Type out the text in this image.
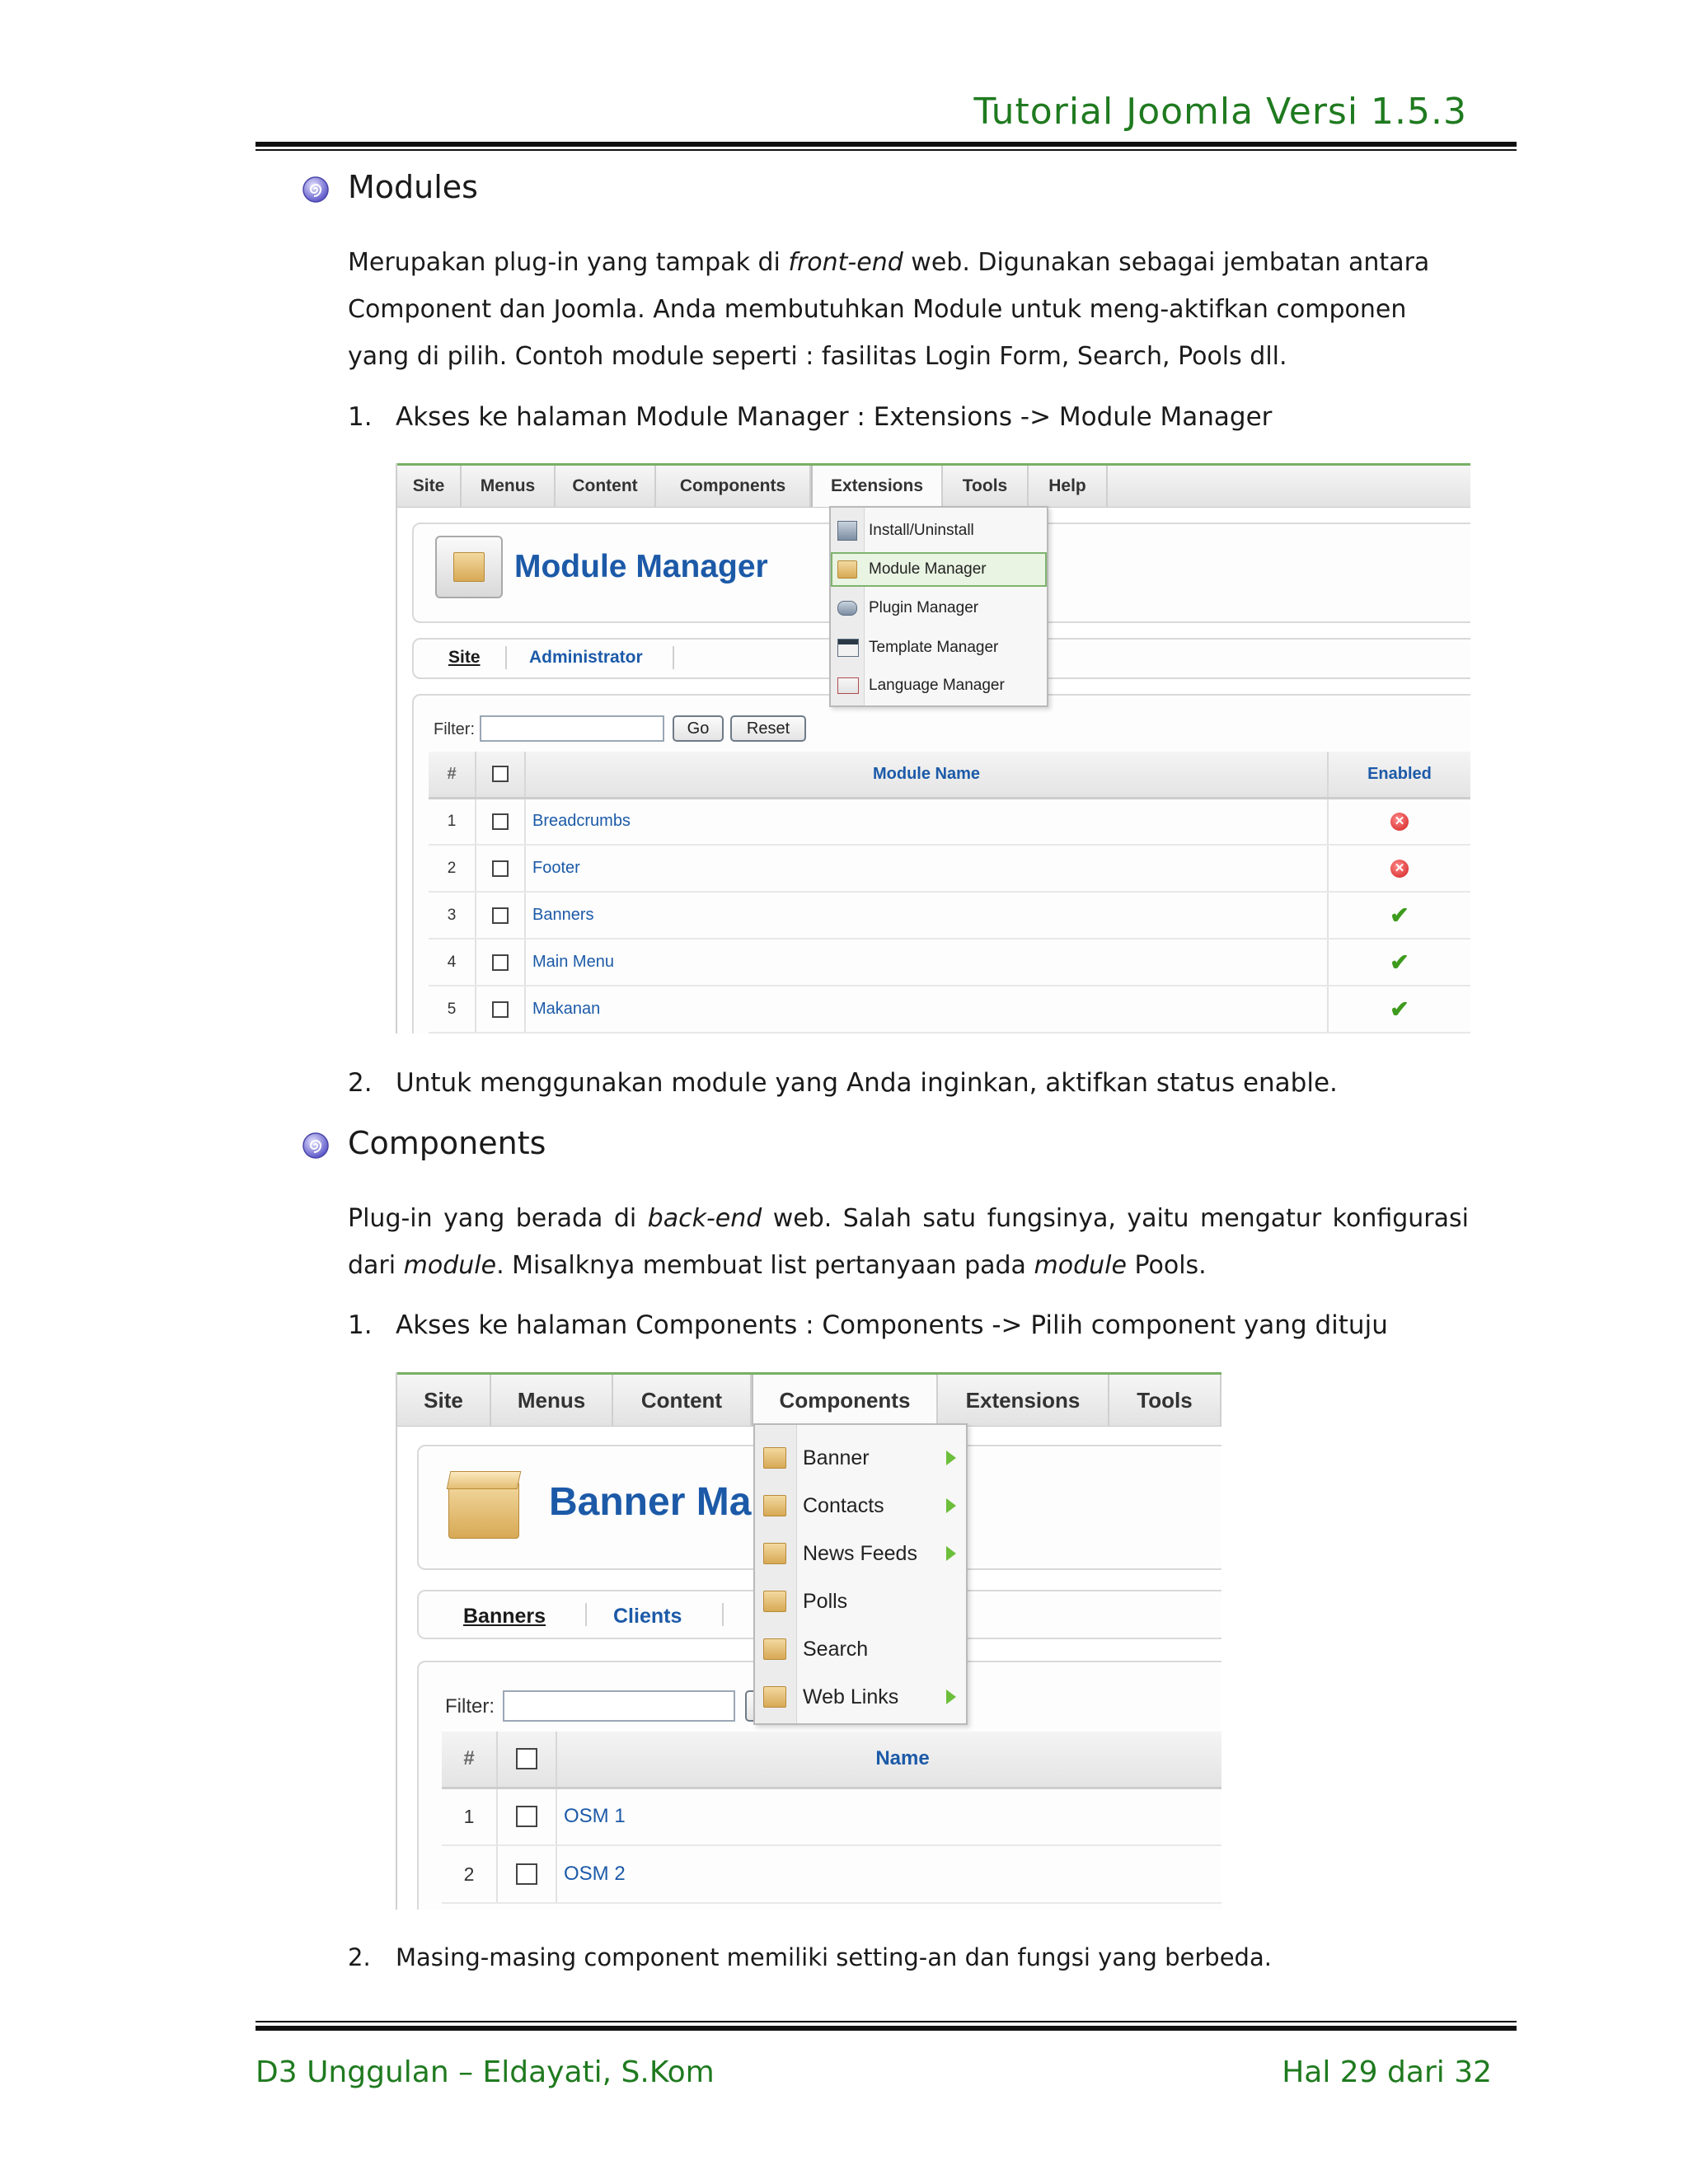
Tutorial Joomla Versi 1.5.3
Modules
Merupakan plug-in yang tampak di front-end web. Digunakan sebagai jembatan antara Component dan Joomla. Anda membutuhkan Module untuk meng-aktifkan componen yang di pilih. Contoh module seperti : fasilitas Login Form, Search, Pools dll.
1. Akses ke halaman Module Manager : Extensions -> Module Manager
Site	Menus	Content	Components	Extensions	Tools	Help
Module Manager
Site	Administrator
Filter:	Go	Reset
#		Module Name	Enabled
1		Breadcrumbs	✕
2		Footer	✕
3		Banners	✔
4		Main Menu	✔
5		Makanan	✔
Install/Uninstall
Module Manager
Plugin Manager
Template Manager
Language Manager
2. Untuk menggunakan module yang Anda inginkan, aktifkan status enable.
Components
Plug-in yang berada di back-end web. Salah satu fungsinya, yaitu mengatur konfigurasi dari module. Misalknya membuat list pertanyaan pada module Pools.
1. Akses ke halaman Components : Components -> Pilih component yang dituju
Site	Menus	Content	Components	Extensions	Tools
Banner Ma
Banners	Clients
Filter:
#		Name
1		OSM 1
2		OSM 2
Banner
Contacts
News Feeds
Polls
Search
Web Links
2. Masing-masing component memiliki setting-an dan fungsi yang berbeda.
D3 Unggulan – Eldayati, S.Kom	Hal 29 dari 32
